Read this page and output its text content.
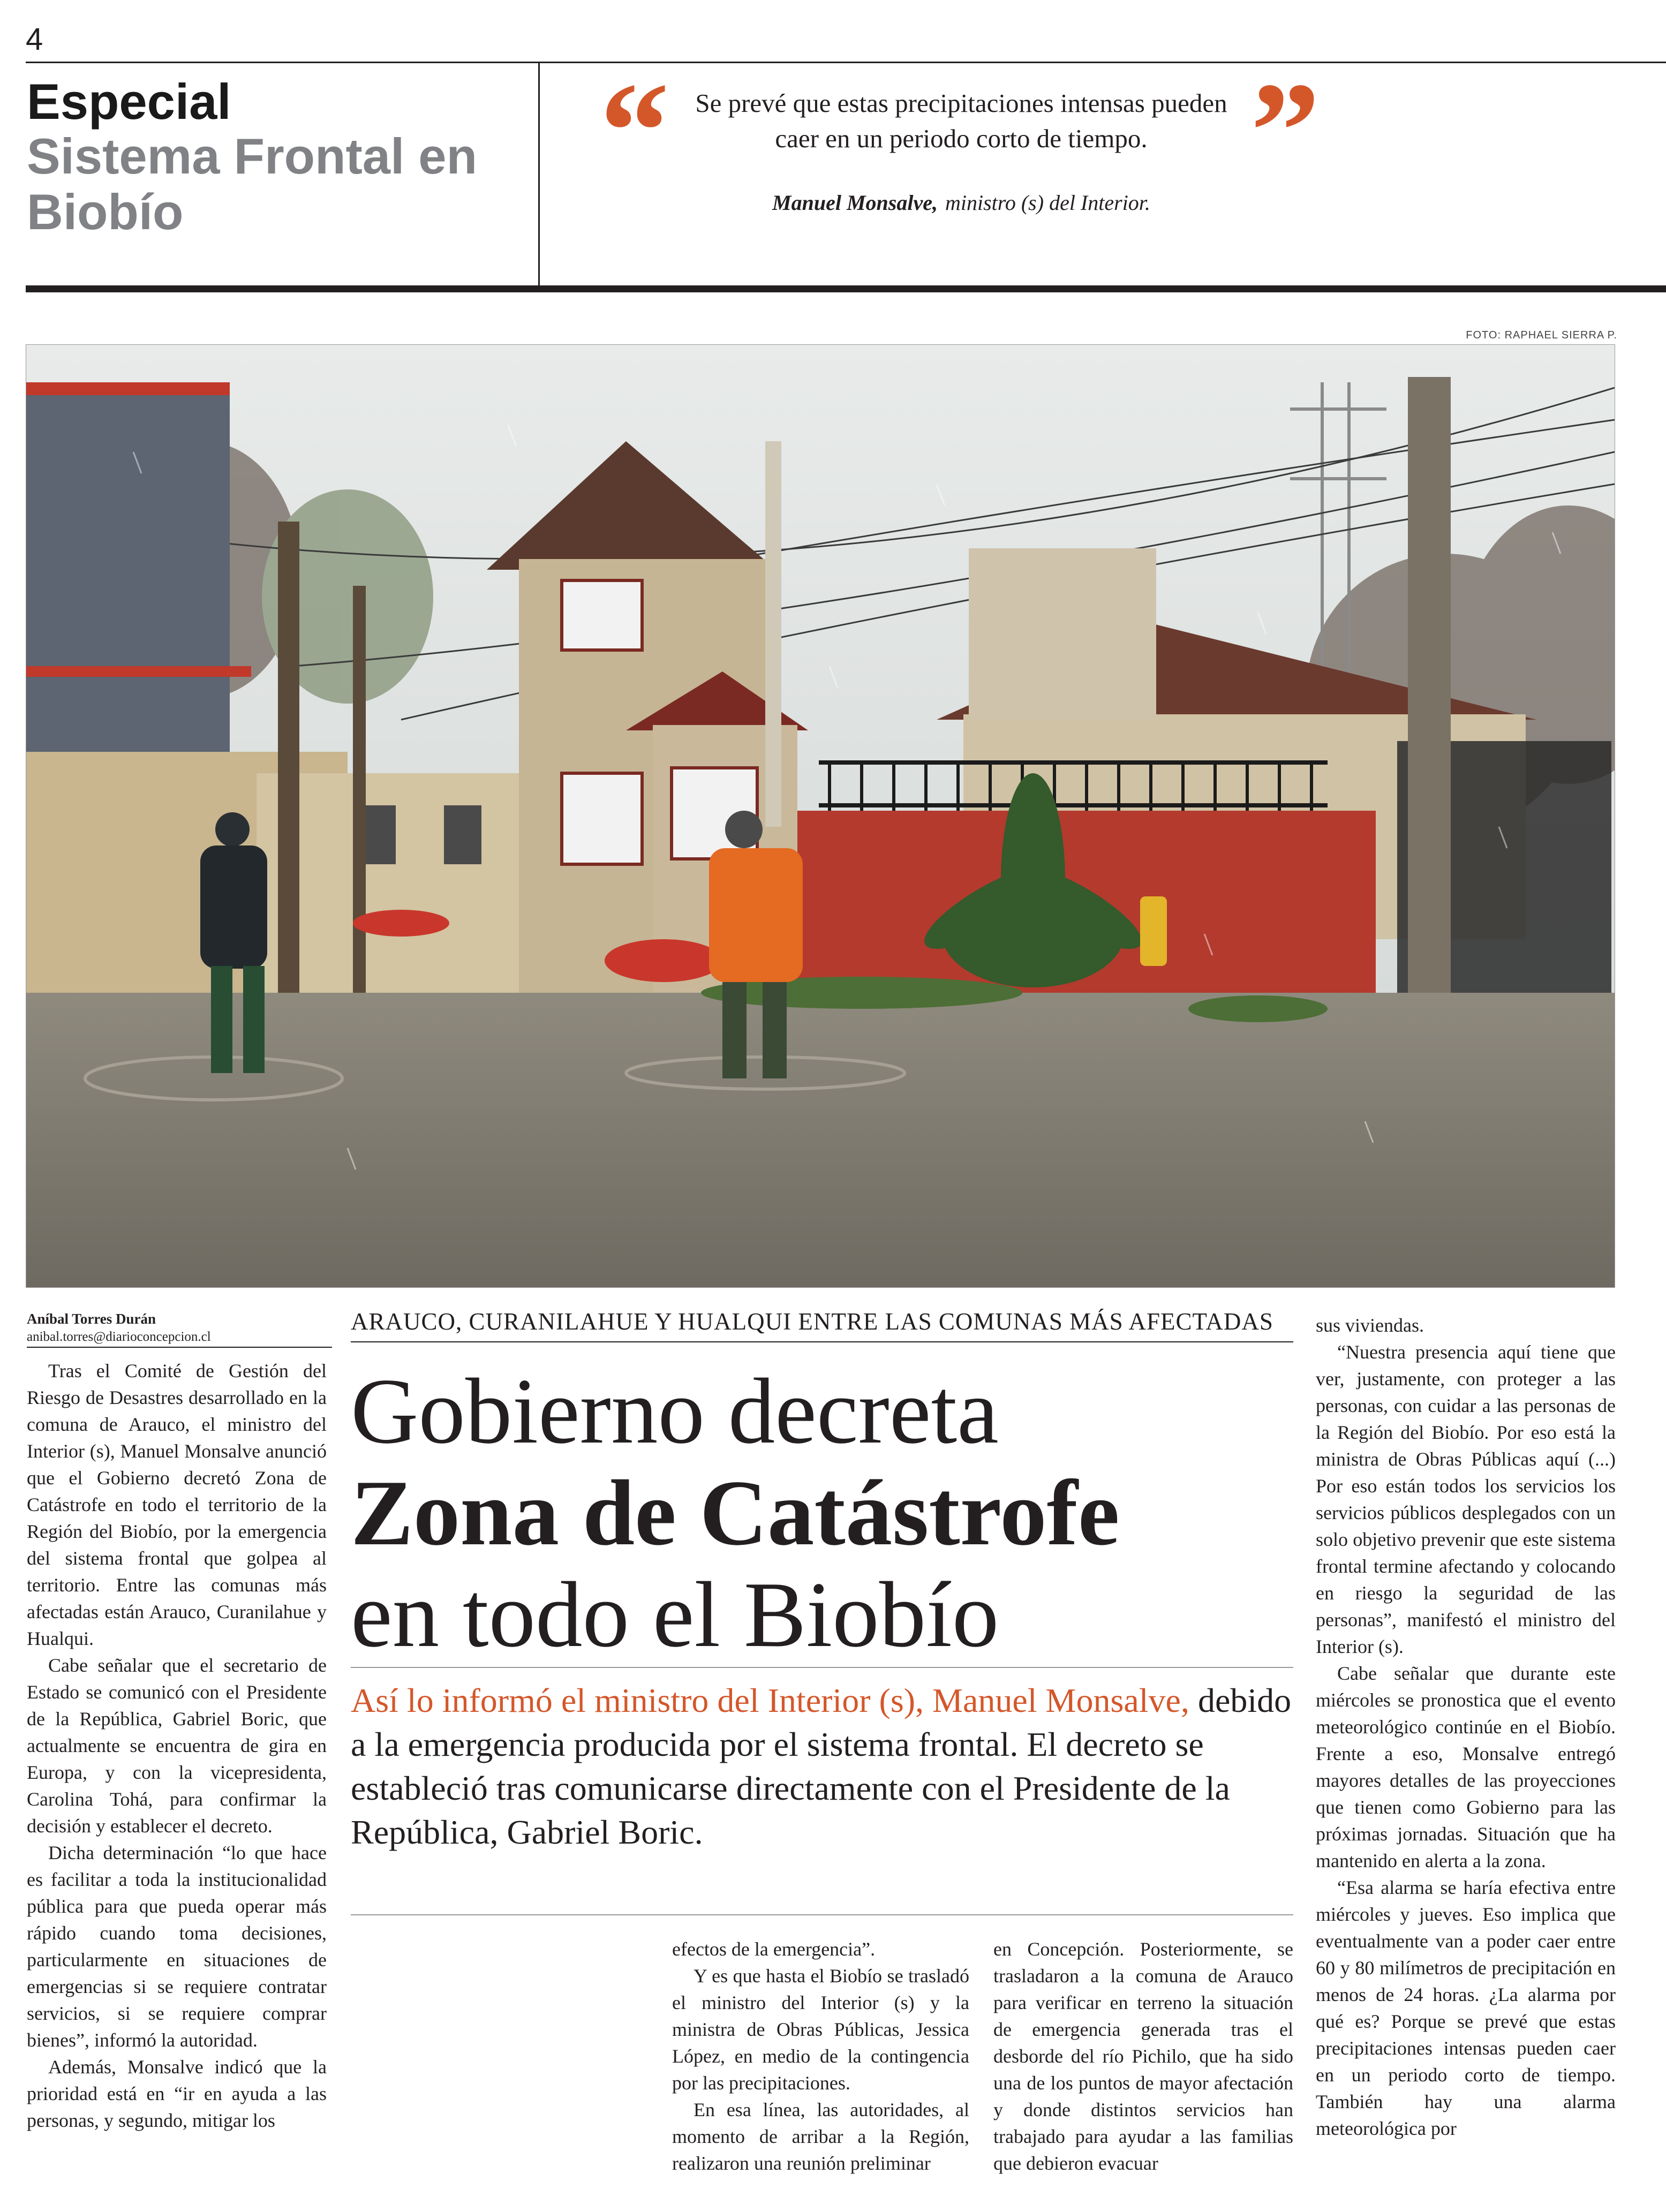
4
Especial
Sistema Frontal en Biobío
“ Se prevé que estas precipitaciones intensas pueden caer en un periodo corto de tiempo. ”
Manuel Monsalve, ministro (s) del Interior.
FOTO: RAPHAEL SIERRA P.
Aníbal Torres Durán
anibal.torres@diarioconcepcion.cl

Tras el Comité de Gestión del Riesgo de Desastres desarrollado en la comuna de Arauco, el ministro del Interior (s), Manuel Monsalve anunció que el Gobierno decretó Zona de Catástrofe en todo el territorio de la Región del Biobío, por la emergencia del sistema frontal que golpea al territorio. Entre las comunas más afectadas están Arauco, Curanilahue y Hualqui.

Cabe señalar que el secretario de Estado se comunicó con el Presidente de la República, Gabriel Boric, que actualmente se encuentra de gira en Europa, y con la vicepresidenta, Carolina Tohá, para confirmar la decisión y establecer el decreto.

Dicha determinación “lo que hace es facilitar a toda la institucionalidad pública para que pueda operar más rápido cuando toma decisiones, particularmente en situaciones de emergencias si se requiere contratar servicios, si se requiere comprar bienes”, informó la autoridad.

Además, Monsalve indicó que la prioridad está en “ir en ayuda a las personas, y segundo, mitigar los

ARAUCO, CURANILAHUE Y HUALQUI ENTRE LAS COMUNAS MÁS AFECTADAS
Gobierno decreta
Zona de Catástrofe
en todo el Biobío
Así lo informó el ministro del Interior (s), Manuel Monsalve, debido a la emergencia producida por el sistema frontal. El decreto se estableció tras comunicarse directamente con el Presidente de la República, Gabriel Boric.

efectos de la emergencia”.

Y es que hasta el Biobío se trasladó el ministro del Interior (s) y la ministra de Obras Públicas, Jessica López, en medio de la contingencia por las precipitaciones.

En esa línea, las autoridades, al momento de arribar a la Región, realizaron una reunión preliminar

en Concepción. Posteriormente, se trasladaron a la comuna de Arauco para verificar en terreno la situación de emergencia generada tras el desborde del río Pichilo, que ha sido una de los puntos de mayor afectación y donde distintos servicios han trabajado para ayudar a las familias que debieron evacuar

sus viviendas.

“Nuestra presencia aquí tiene que ver, justamente, con proteger a las personas, con cuidar a las personas de la Región del Biobío. Por eso está la ministra de Obras Públicas aquí (...) Por eso están todos los servicios los servicios públicos desplegados con un solo objetivo prevenir que este sistema frontal termine afectando y colocando en riesgo la seguridad de las personas”, manifestó el ministro del Interior (s).

Cabe señalar que durante este miércoles se pronostica que el evento meteorológico continúe en el Biobío. Frente a eso, Monsalve entregó mayores detalles de las proyecciones que tienen como Gobierno para las próximas jornadas. Situación que ha mantenido en alerta a la zona.

“Esa alarma se haría efectiva entre miércoles y jueves. Eso implica que eventualmente van a poder caer entre 60 y 80 milímetros de precipitación en menos de 24 horas. ¿La alarma por qué es? Porque se prevé que estas precipitaciones intensas pueden caer en un periodo corto de tiempo. También hay una alarma meteorológica por
